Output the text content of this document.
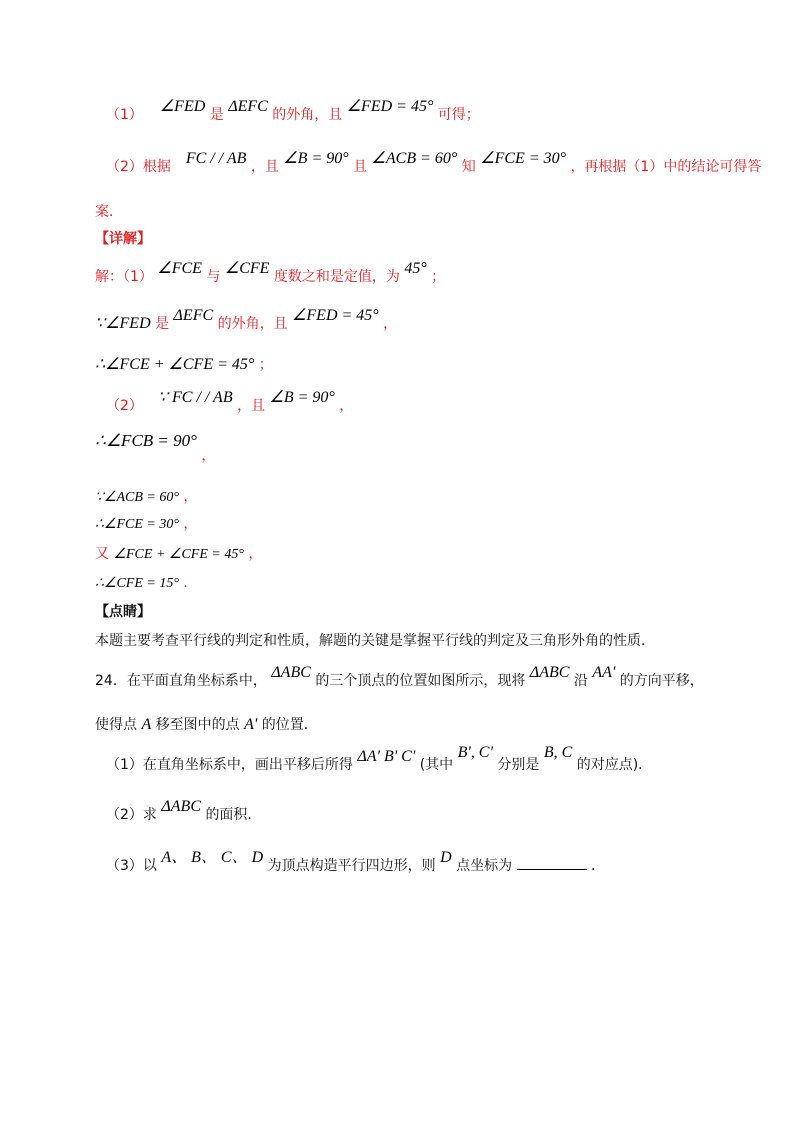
（1） ∠FED 是 ΔEFC 的外角，且 ∠FED = 45° 可得；
（2）根据 FC / / AB ，且 ∠B = 90° 且 ∠ACB = 60° 知 ∠FCE = 30° ，再根据（1）中的结论可得答
案．
【详解】
解：（1） ∠FCE 与 ∠CFE 度数之和是定值，为 45° ；
∵∠FED 是 ΔEFC 的外角，且 ∠FED = 45° ，
∴∠FCE + ∠CFE = 45° ；
（2） ∵ FC / / AB ，且 ∠B = 90° ，
∴∠FCB = 90° ，
∵∠ACB = 60° ，
∴∠FCE = 30° ，
又 ∠FCE + ∠CFE = 45° ，
∴∠CFE = 15° ．
【点睛】
本题主要考查平行线的判定和性质，解题的关键是掌握平行线的判定及三角形外角的性质．
24．在平面直角坐标系中， ΔABC 的三个顶点的位置如图所示，现将 ΔABC 沿 AA' 的方向平移，
使得点 A 移至图中的点 A' 的位置．
（1）在直角坐标系中，画出平移后所得 ΔA' B' C' (其中 B', C' 分别是 B, C 的对应点)．
（2）求 ΔABC 的面积．
（3）以 A、 B、 C、 D 为顶点构造平行四边形，则 D 点坐标为	．
